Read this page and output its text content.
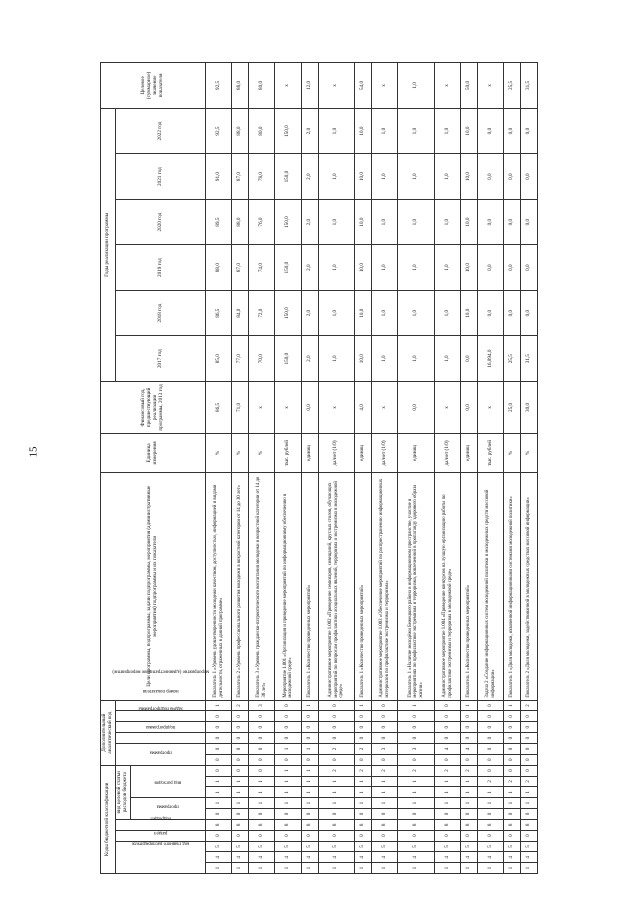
15
Коды бюджетной классификации										Дополнительный аналитический код						Цели программы, подпрограммы, задачи подпрограммы, мероприятия (административные мероприятия) подпрограммы и их показатели	Единица измерения	Финансовый год, предшествующий реализации программы, 2013 год	Годы реализации программы						Целевое (суммарное) значение показателя
код главного распорядителя			раздел	подраздел	вид целевой статьи расходов бюджета					программа		подпрограмма	задача подпрограммы	мероприятие (административное мероприятие)	номер показателя				2017 год	2018 год	2019 год	2020 год	2021 год	2022 год	
					программа		вид расходов																		
1	4	5	0	8	0	1	1	1	0	0	0	0	0	0	1	Показатель 1 «Уровень удовлетворенности молодежи качеством, доступностью, информацией и видами деятельности, отраженных в данной программе»	%	86,5	85,0	86,5	88,0	89,5	91,0	92,5	92,5
1	4	5	0	8	0	1	1	1	0	0	0	0	0	0	2	Показатель 2 «Уровень профессионального развития молодежи в возрастной категории от 14 до 30 лет»	%	71,0	77,0	84,0	87,0	88,0	87,0	88,0	88,0
1	4	5	0	8	0	1	1	1	0	0	0	0	0	0	3	Показатель 3 «Уровень гражданско-патриотического воспитания молодежи в возрастной категории от 14 до 30 лет»	%	х	70,0	72,0	74,0	76,0	78,0	80,0	80,0
1	4	5	0	8	0	1	1	1	1	0	1	0	0	0	0	Мероприятие 1.001 «Организация и проведение мероприятий по информационному обеспечению в молодежной среде»	тыс. рублей	х	150,0	150,0	150,0	150,0	150,0	150,0	х
1	4	5	0	8	0	1	1	1	1	0	1	0	0	0	1	Показатель 1 «Количество проведенных мероприятий»	единиц	0,0	2,0	2,0	2,0	2,0	2,0	2,0	12,0
1	4	5	0	8	0	1	1	1	2	0	2	0	0	0	0	Административное мероприятие 1.002 «Проведение семинаров, совещаний, круглых столов, обучающих мероприятий по вопросам профилактики асоциальных явлений, терроризма и экстремизма в молодежной среде»	да/нет (1/0)	х	1,0	1,0	1,0	1,0	1,0	1,0	х
1	4	5	0	8	0	1	1	1	2	0	2	0	0	0	1	Показатель 1 «Количество проведенных мероприятий»	единиц	4,0	10,0	10,0	10,0	10,0	10,0	10,0	54,0
1	4	5	0	8	0	1	1	1	2	0	3	0	0	0	0	Административное мероприятие 1.003 «Обеспечение мероприятий по распространению информационных материалов по профилактике экстремизма и терроризма»	да/нет (1/0)	х	1,0	1,0	1,0	1,0	1,0	1,0	х
1	4	5	0	8	0	1	1	1	2	0	3	0	0	0	1	Показатель 1 «Наличие молодёжи Бежецкого района в информационном пространстве, участие в мероприятиях по профилактике экстремизма и терроризма, вовлеченной в пропаганду здорового образа жизни»	единиц	0,0	1,0	1,0	1,0	1,0	1,0	1,0	1,0
1	4	5	0	8	0	1	1	1	2	0	4	0	0	0	0	Административное мероприятие 1.004 «Проведение конкурсов на лучшую организацию работы по профилактике экстремизма и терроризма в молодежной среде»	да/нет (1/0)	х	1,0	1,0	1,0	1,0	1,0	1,0	х
1	4	5	0	8	0	1	1	1	2	0	4	0	0	0	1	Показатель 1 «Количество проведенных мероприятий»	единиц	0,0	0,0	10,0	10,0	10,0	10,0	10,0	50,0
1	4	5	0	8	0	1	1	2	0	0	0	0	0	0	0	Задача 2 «Создание информационных систем молодежной политики и молодежных средств массовой информации»	тыс. рублей	х	16,094,0	0,0	0,0	0,0	0,0	0,0	х
1	4	5	0	8	0	1	1	2	0	0	0	0	0	0	1	Показатель 1 «Доля молодежи, охваченной информационными системами молодежной политики»	%	25,0	25,5	0,0	0,0	0,0	0,0	0,0	25,5
1	4	5	0	8	0	1	1	2	0	0	0	0	0	0	2	Показатель 2 «Доля молодежи, задействованной в молодежных средствах массовой информации»	%	30,0	31,5	0,0	0,0	0,0	0,0	0,0	31,5
